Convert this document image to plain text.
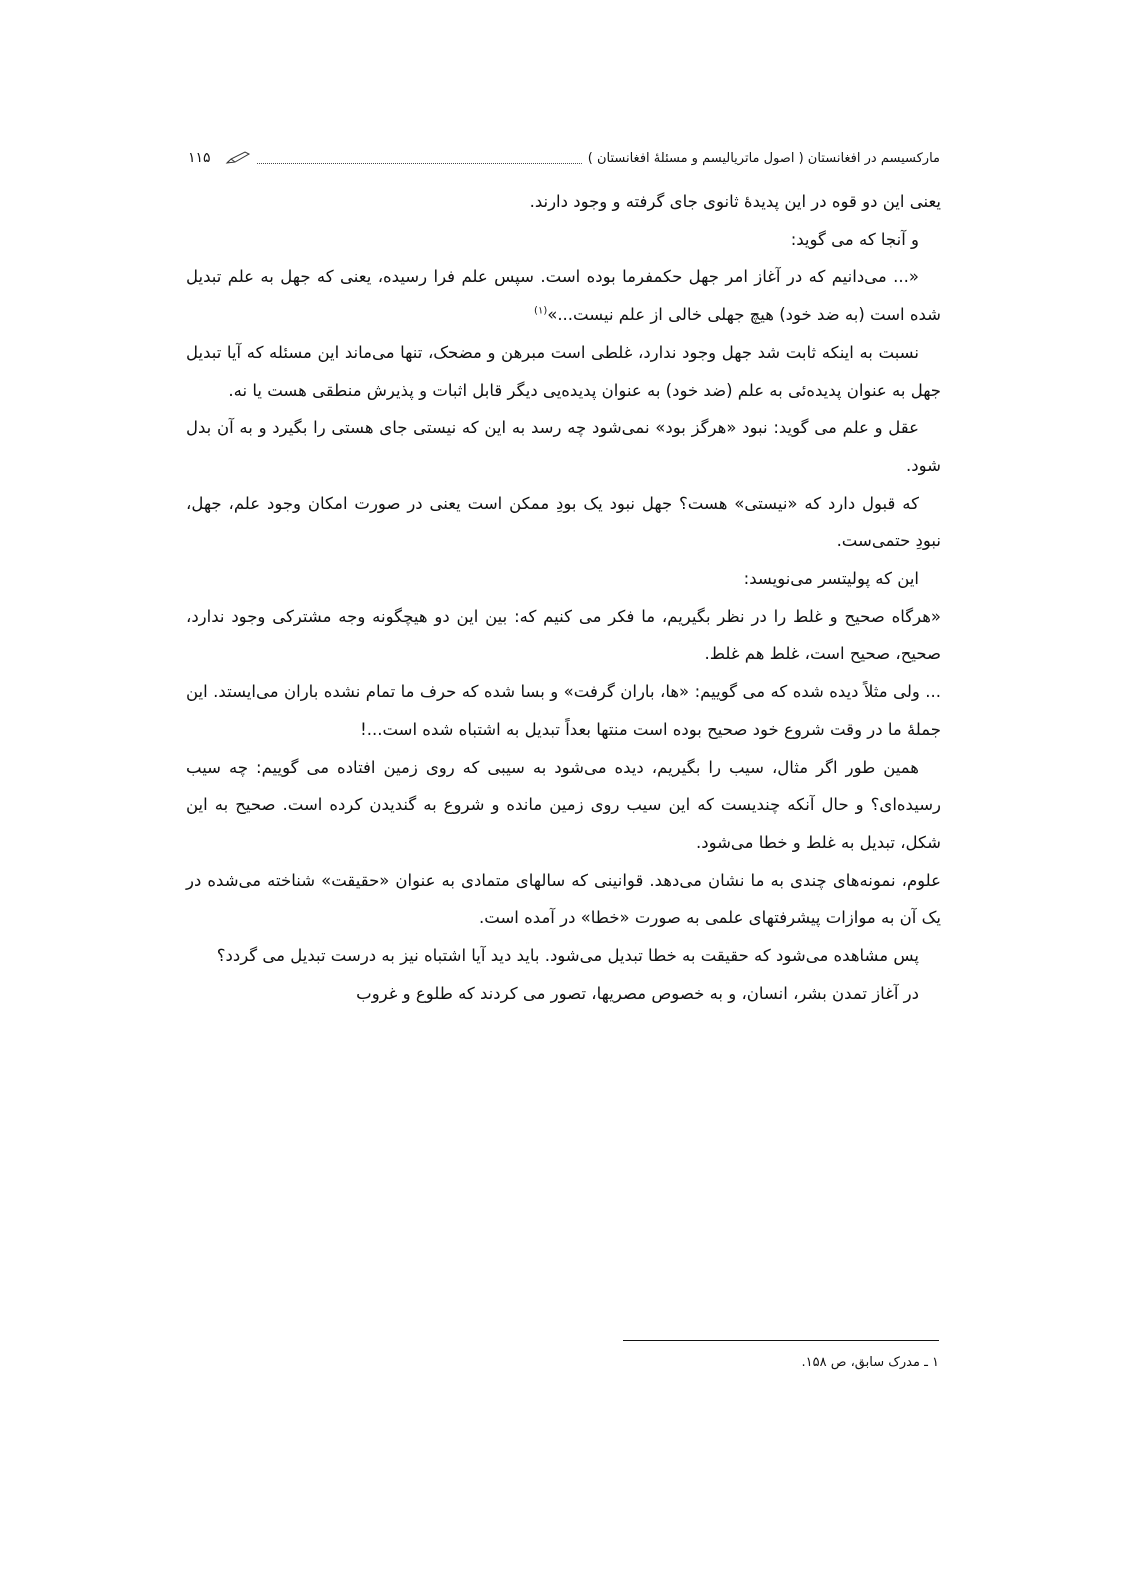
مارکسیسم در افغانستان ( اصول ماتریالیسم و مسئلهٔ افغانستان )
۱۱۵

یعنی این دو قوه در این پدیدهٔ ثانوی جای گرفته و وجود دارند.

و آنجا که می گوید:

«... می‌دانیم که در آغاز امر جهل حکمفرما بوده است. سپس علم فرا رسیده، یعنی که جهل به علم تبدیل شده است (به ضد خود) هیچ جهلی خالی از علم نیست...»$^{(۱)}$

نسبت به اینکه ثابت شد جهل وجود ندارد، غلطی است مبرهن و مضحک، تنها می‌ماند این مسئله که آیا تبدیل جهل به عنوان پدیده‌ئی به علم (ضد خود) به عنوان پدیده‌یی دیگر قابل اثبات و پذیرش منطقی هست یا نه.

عقل و علم می گوید: نبود «هرگز بود» نمی‌شود چه رسد به این که نیستی جای هستی را بگیرد و به آن بدل شود.

که قبول دارد که «نیستی» هست؟ جهل نبود یک بودِ ممکن است یعنی در صورت امکان وجود علم، جهل، نبودِ حتمی‌ست.

این که پولیتسر می‌نویسد:

«هرگاه صحیح و غلط را در نظر بگیریم، ما فکر می کنیم که: بین این دو هیچگونه وجه مشترکی وجود ندارد، صحیح، صحیح است، غلط هم غلط.

... ولی مثلاً دیده شده که می گوییم: «ها، باران گرفت» و بسا شده که حرف ما تمام نشده باران می‌ایستد. این جملهٔ ما در وقت شروع خود صحیح بوده است منتها بعداً تبدیل به اشتباه شده است...!

همین طور اگر مثال، سیب را بگیریم، دیده می‌شود به سیبی که روی زمین افتاده می گوییم: چه سیب رسیده‌ای؟ و حال آنکه چندیست که این سیب روی زمین مانده و شروع به گندیدن کرده است. صحیح به این شکل، تبدیل به غلط و خطا می‌شود.

علوم، نمونه‌های چندی به ما نشان می‌دهد. قوانینی که سالهای متمادی به عنوان «حقیقت» شناخته می‌شده در یک آن به موازات پیشرفتهای علمی به صورت «خطا» در آمده است.

پس مشاهده می‌شود که حقیقت به خطا تبدیل می‌شود. باید دید آیا اشتباه نیز به درست تبدیل می گردد؟

در آغاز تمدن بشر، انسان، و به خصوص مصریها، تصور می کردند که طلوع و غروب

۱ ـ مدرک سابق، ص ۱۵۸.
